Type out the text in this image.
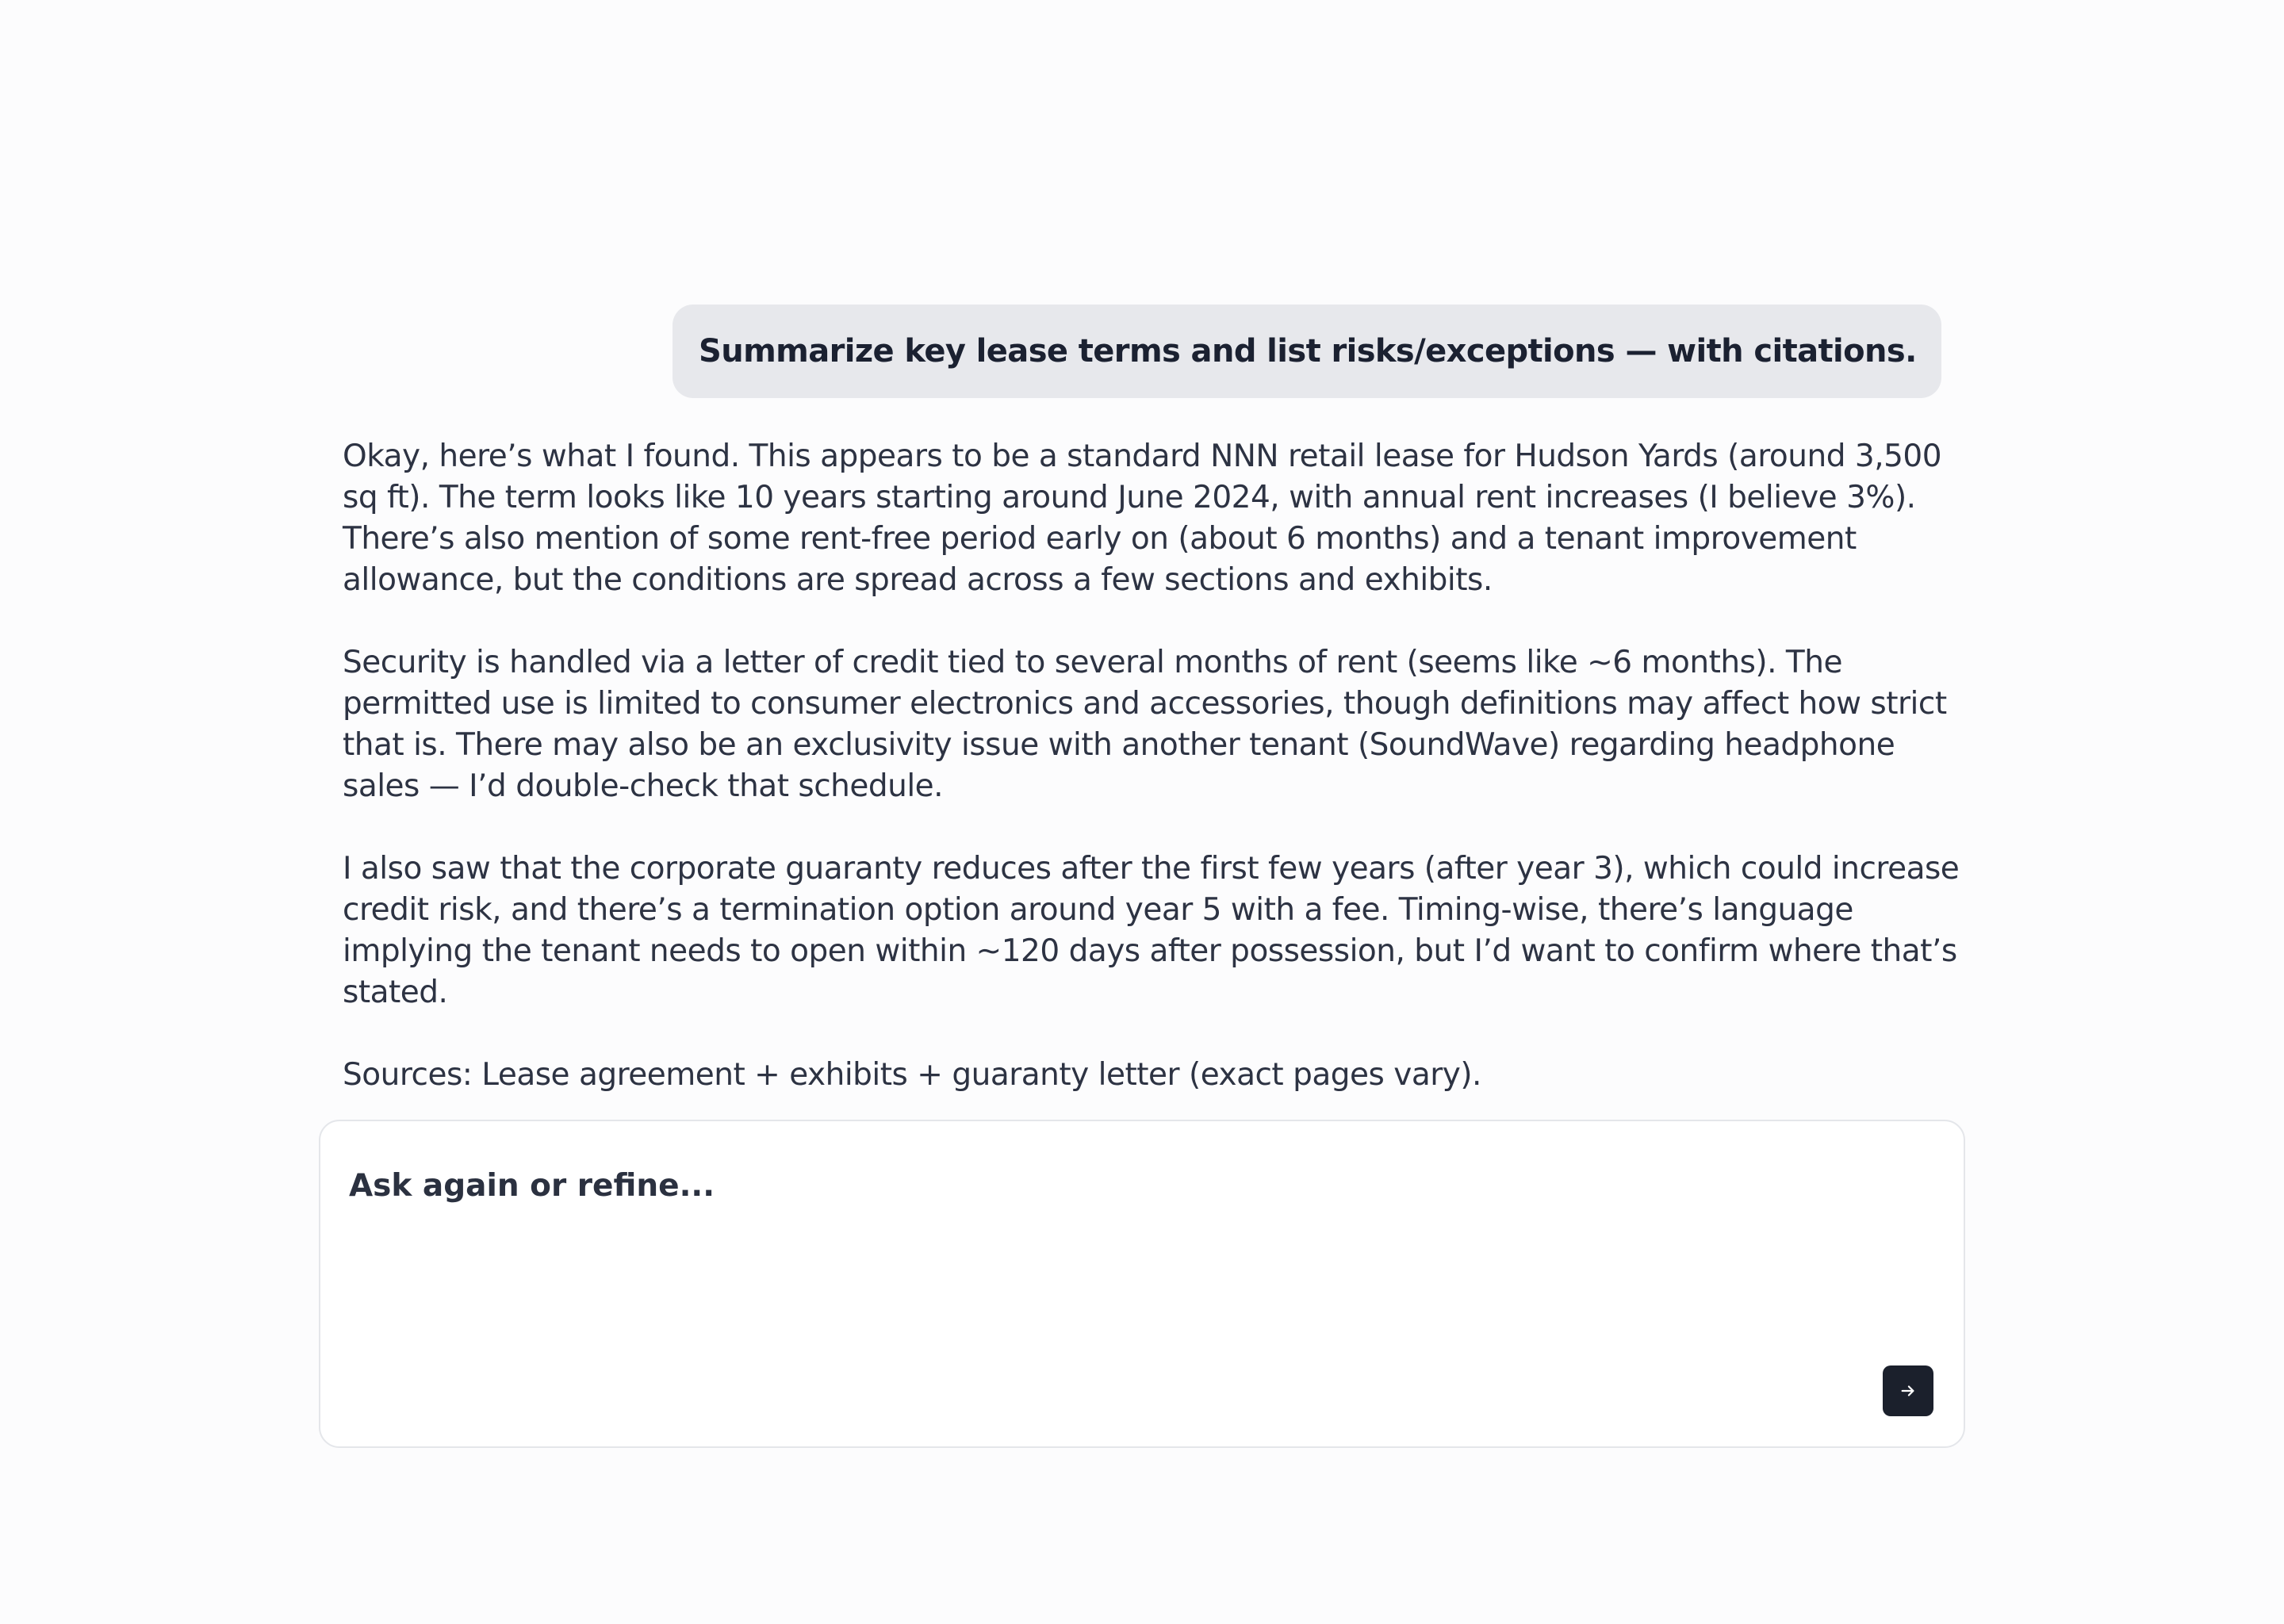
Summarize key lease terms and list risks/exceptions — with citations.

Okay, here’s what I found. This appears to be a standard NNN retail lease for Hudson Yards (around 3,500 sq ft). The term looks like 10 years starting around June 2024, with annual rent increases (I believe 3%). There’s also mention of some rent-free period early on (about 6 months) and a tenant improvement allowance, but the conditions are spread across a few sections and exhibits.

Security is handled via a letter of credit tied to several months of rent (seems like ~6 months). The permitted use is limited to consumer electronics and accessories, though definitions may affect how strict that is. There may also be an exclusivity issue with another tenant (SoundWave) regarding headphone sales — I’d double-check that schedule.

I also saw that the corporate guaranty reduces after the first few years (after year 3), which could increase credit risk, and there’s a termination option around year 5 with a fee. Timing-wise, there’s language implying the tenant needs to open within ~120 days after possession, but I’d want to confirm where that’s stated.

Sources: Lease agreement + exhibits + guaranty letter (exact pages vary).

Ask again or refine...
